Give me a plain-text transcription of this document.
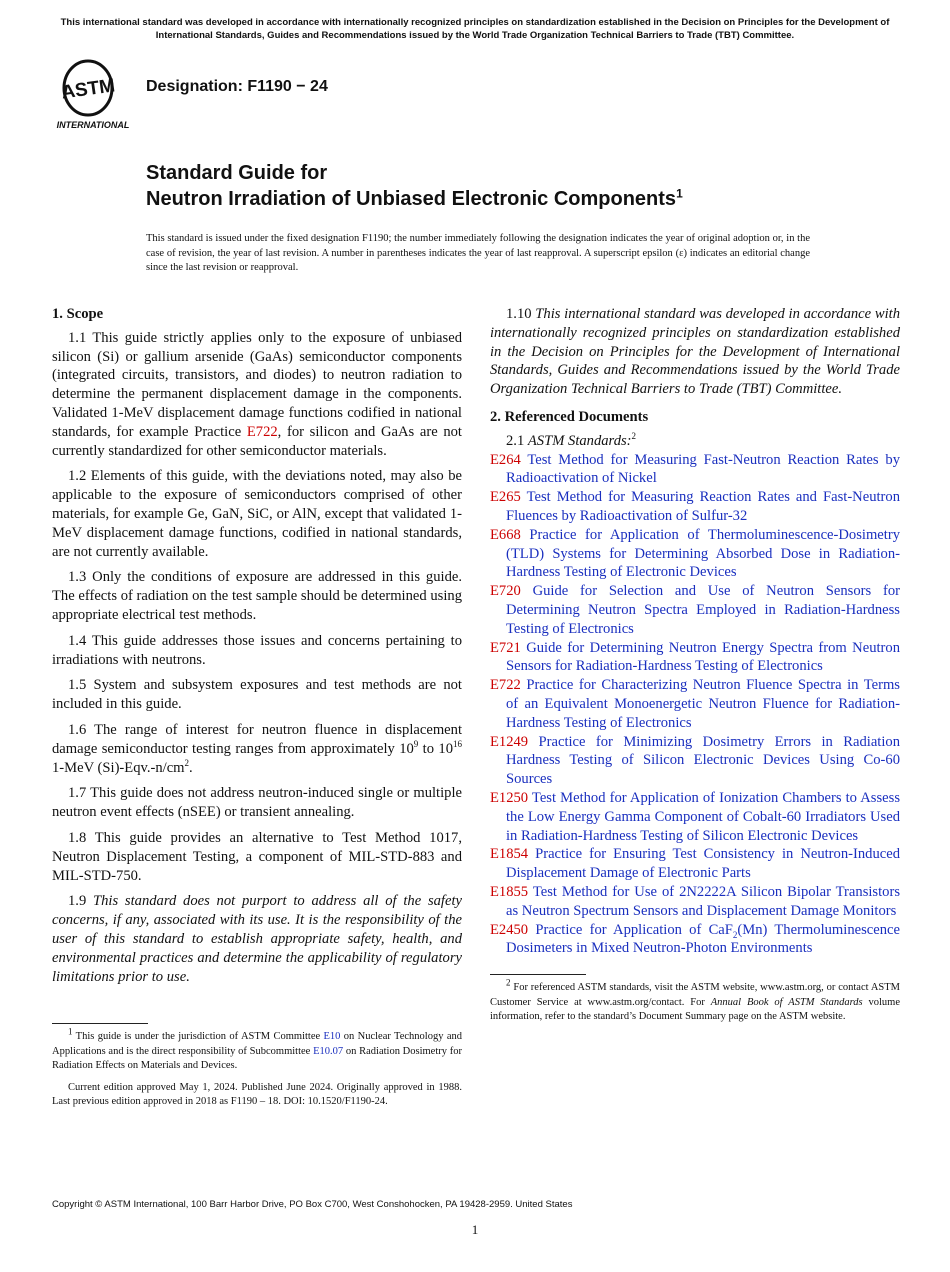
This international standard was developed in accordance with internationally recognized principles on standardization established in the Decision on Principles for the Development of International Standards, Guides and Recommendations issued by the World Trade Organization Technical Barriers to Trade (TBT) Committee.
ASTM
INTERNATIONAL
Designation: F1190 − 24
Standard Guide for
Neutron Irradiation of Unbiased Electronic Components$^1$
This standard is issued under the fixed designation F1190; the number immediately following the designation indicates the year of original adoption or, in the case of revision, the year of last revision. A number in parentheses indicates the year of last reapproval. A superscript epsilon (ε) indicates an editorial change since the last revision or reapproval.
1. Scope

1.1 This guide strictly applies only to the exposure of unbiased silicon (Si) or gallium arsenide (GaAs) semiconductor components (integrated circuits, transistors, and diodes) to neutron radiation to determine the permanent displacement damage in the components. Validated 1-MeV displacement damage functions codified in national standards, for example Practice E722, for silicon and GaAs are not currently standardized for other semiconductor materials.

1.2 Elements of this guide, with the deviations noted, may also be applicable to the exposure of semiconductors comprised of other materials, for example Ge, GaN, SiC, or AlN, except that validated 1-MeV displacement damage functions, codified in national standards, are not currently available.

1.3 Only the conditions of exposure are addressed in this guide. The effects of radiation on the test sample should be determined using appropriate electrical test methods.

1.4 This guide addresses those issues and concerns pertaining to irradiations with neutrons.

1.5 System and subsystem exposures and test methods are not included in this guide.

1.6 The range of interest for neutron fluence in displacement damage semiconductor testing ranges from approximately $10^9$ to $10^{16}$ 1-MeV $(Si)-Eqv.-n/cm^2$.

1.7 This guide does not address neutron-induced single or multiple neutron event effects (nSEE) or transient annealing.

1.8 This guide provides an alternative to Test Method 1017, Neutron Displacement Testing, a component of MIL-STD-883 and MIL-STD-750.

1.9 This standard does not purport to address all of the safety concerns, if any, associated with its use. It is the responsibility of the user of this standard to establish appropriate safety, health, and environmental practices and determine the applicability of regulatory limitations prior to use.

$^1$ This guide is under the jurisdiction of ASTM Committee E10 on Nuclear Technology and Applications and is the direct responsibility of Subcommittee E10.07 on Radiation Dosimetry for Radiation Effects on Materials and Devices.

Current edition approved May 1, 2024. Published June 2024. Originally approved in 1988. Last previous edition approved in 2018 as F1190 – 18. DOI: 10.1520/F1190-24.

1.10 This international standard was developed in accordance with internationally recognized principles on standardization established in the Decision on Principles for the Development of International Standards, Guides and Recommendations issued by the World Trade Organization Technical Barriers to Trade (TBT) Committee.

2. Referenced Documents

2.1 ASTM Standards:$^2$

E264 Test Method for Measuring Fast-Neutron Reaction Rates by Radioactivation of Nickel
E265 Test Method for Measuring Reaction Rates and Fast-Neutron Fluences by Radioactivation of Sulfur-32
E668 Practice for Application of Thermoluminescence-Dosimetry (TLD) Systems for Determining Absorbed Dose in Radiation-Hardness Testing of Electronic Devices
E720 Guide for Selection and Use of Neutron Sensors for Determining Neutron Spectra Employed in Radiation-Hardness Testing of Electronics
E721 Guide for Determining Neutron Energy Spectra from Neutron Sensors for Radiation-Hardness Testing of Electronics
E722 Practice for Characterizing Neutron Fluence Spectra in Terms of an Equivalent Monoenergetic Neutron Fluence for Radiation-Hardness Testing of Electronics
E1249 Practice for Minimizing Dosimetry Errors in Radiation Hardness Testing of Silicon Electronic Devices Using Co-60 Sources
E1250 Test Method for Application of Ionization Chambers to Assess the Low Energy Gamma Component of Cobalt-60 Irradiators Used in Radiation-Hardness Testing of Silicon Electronic Devices
E1854 Practice for Ensuring Test Consistency in Neutron-Induced Displacement Damage of Electronic Parts
E1855 Test Method for Use of 2N2222A Silicon Bipolar Transistors as Neutron Spectrum Sensors and Displacement Damage Monitors
E2450 Practice for Application of CaF$_2$(Mn) Thermoluminescence Dosimeters in Mixed Neutron-Photon Environments

$^2$ For referenced ASTM standards, visit the ASTM website, www.astm.org, or contact ASTM Customer Service at www.astm.org/contact. For Annual Book of ASTM Standards volume information, refer to the standard’s Document Summary page on the ASTM website.

Copyright © ASTM International, 100 Barr Harbor Drive, PO Box C700, West Conshohocken, PA 19428-2959. United States
1
